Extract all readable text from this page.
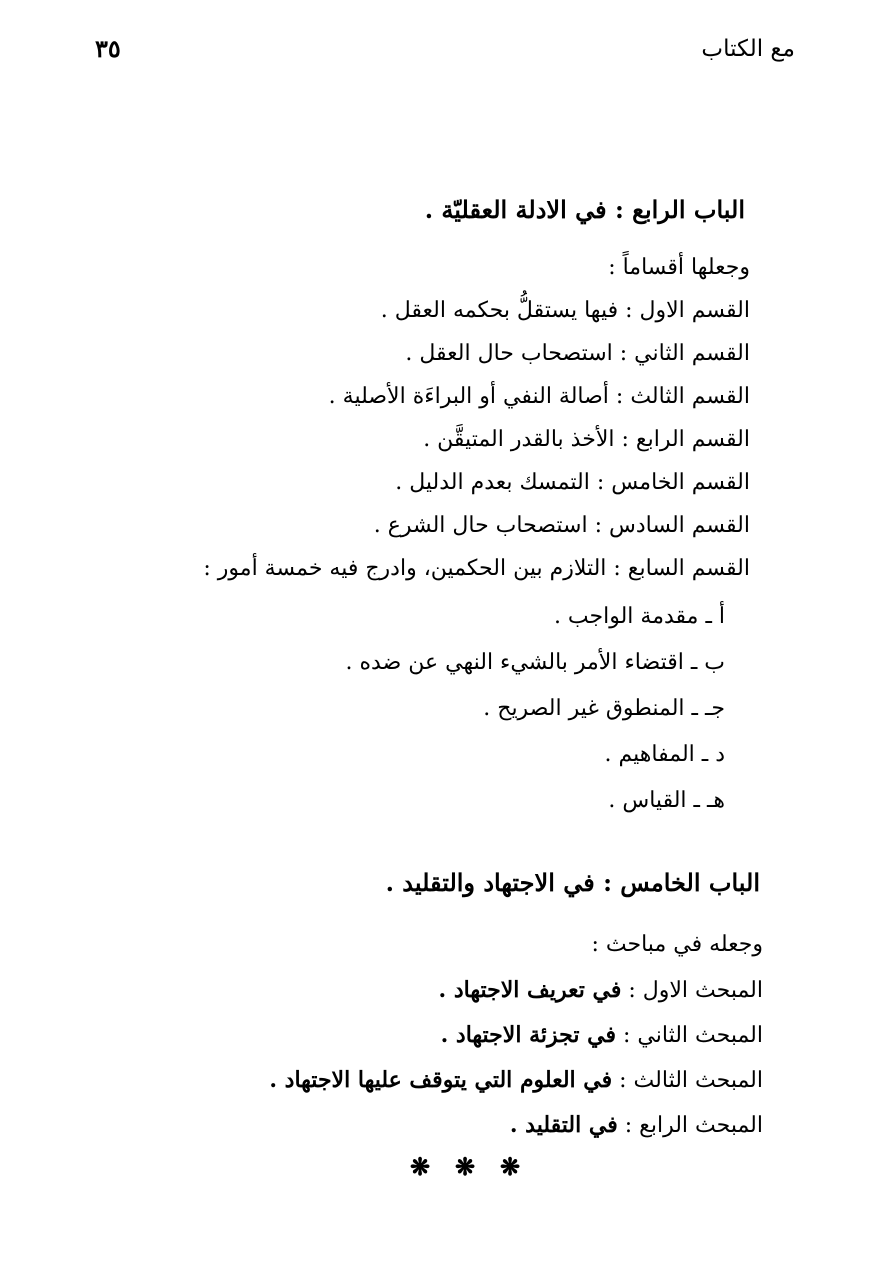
مع الكتاب
٣٥
الباب الرابع : في الادلة العقليّة .
وجعلها أقساماً :
القسم الاول : فيها يستقلُّ بحكمه العقل .
القسم الثاني : استصحاب حال العقل .
القسم الثالث : أصالة النفي أو البراءَة الأصلية .
القسم الرابع : الأخذ بالقدر المتيقَّن .
القسم الخامس : التمسك بعدم الدليل .
القسم السادس : استصحاب حال الشرع .
القسم السابع : التلازم بين الحكمين، وادرج فيه خمسة أمور :
أ ـ مقدمة الواجب .
ب ـ اقتضاء الأمر بالشيء النهي عن ضده .
جـ ـ المنطوق غير الصريح .
د ـ المفاهيم .
هـ ـ القياس .
الباب الخامس : في الاجتهاد والتقليد .
وجعله في مباحث :
المبحث الاول : في تعريف الاجتهاد .
المبحث الثاني : في تجزئة الاجتهاد .
المبحث الثالث : في العلوم التي يتوقف عليها الاجتهاد .
المبحث الرابع : في التقليد .
❋ ❋ ❋
